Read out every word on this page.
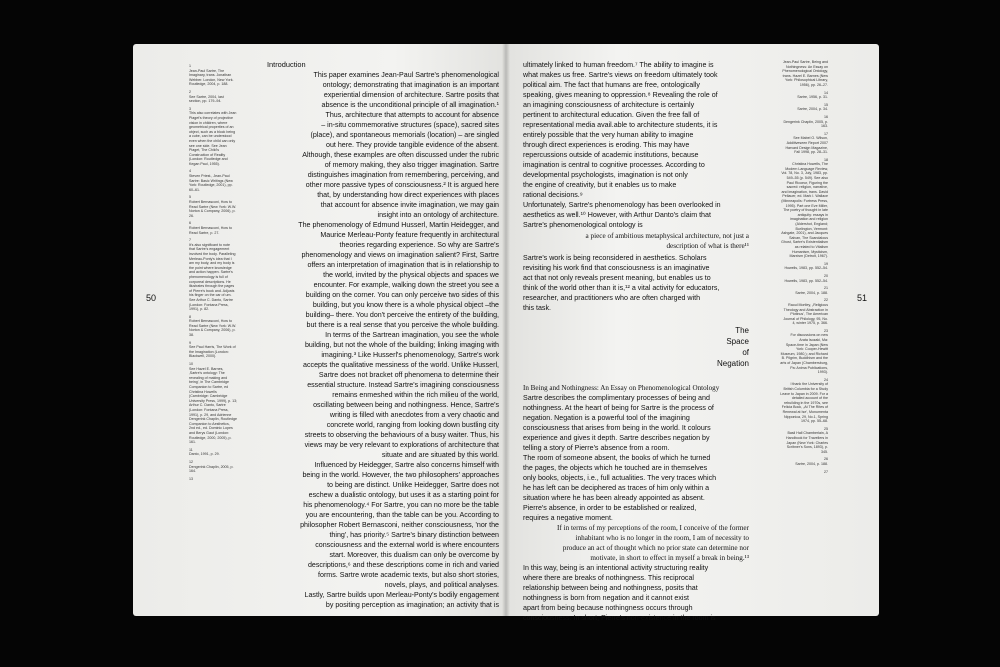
50

1
Jean-Paul Sartre, The
Imaginary, trans. Jonathan
Webber. London, New York.
Routledge, 2004, p. 188.

2
See Sartre, 2004, last
section, pp. 179–94.

3
This also correlates with Jean
Piaget's theory of projective
vision in children, where
geometrical properties of an
object, such as a block being
a cube, can be understood
even when the child can only
see one side. See Jean
Piaget, The Child's
Construction of Reality
(London: Routledge and
Kegan Paul, 1955).

4
Steven Priest., Jean-Paul
Sartre: Basic Writings (New
York: Routledge, 2001), pp.
60–61.

5
Robert Bernasconi, How to
Read Sartre (New York: W.W.
Norton & Company, 2006), p.
26.

6
Robert Bernasconi, How to
Read Sartre, p. 27.

7
It's also significant to note
that Sartre's engagement
involved the body. Paralleling
Merleau-Ponty's idea that I
am my body, and my body is
the point where knowledge
and action happen. Sartre's
phenomenology is full of
corporeal descriptions. He
illustrates through the pages
of Pierre's book and. Adjusts
his finger on the car of um.
See Arthur C. Danto, Sartre
(London: Fontana Press,
1991), p. 82.

8
Robert Bernasconi, How to
Read Sartre (New York: W.W.
Norton & Company, 2006), p.
38.

9
See Paul Harris, The Work of
the Imagination (London:
Blackwell, 2000).

10
See Hazel E. Barnes,
‚Sartre's ontology: The
revealing of making and
being', in The Cambridge
Companion to Sartre, ed
Christina Howells
(Cambridge: Cambridge
University Press, 1999), p. 13;
Arthur C. Danto, Sartre
(London: Fontana Press,
1991), p. 29, and Adrienne
Dengerink Chaplin, Routledge
Companion to Aesthetics,
2nd ed., ed. Dominic Lopes
and Berys Gaut (London:
Routledge, 2000, 2005), p.
161.

11
Danto, 1991, p. 29.

12
Dengerink Chaplin, 2005, p.
164.

13

Introduction

This paper examines Jean-Paul Sartre's phenomenological
ontology; demonstrating that imagination is an important
experiential dimension of architecture. Sartre posits that
absence is the unconditional principle of all imagination.¹
Thus, architecture that attempts to account for absence
– in-situ commemorative structures (space), sacred sites
(place), and spontaneous memorials (location) – are singled
out here. They provide tangible evidence of the absent.
Although, these examples are often discussed under the rubric
of memory making, they also trigger imagination. Sartre
distinguishes imagination from remembering, perceiving, and
other more passive types of consciousness.² It is argued here
that, by understanding how direct experiences with places
that account for absence invite imagination, we may gain
insight into an ontology of architecture.

The phenomenology of Edmund Husserl, Martin Heidegger, and
Maurice Merleau-Ponty feature frequently in architectural
theories regarding experience. So why are Sartre's
phenomenology and views on imagination salient? First, Sartre
offers an interpretation of imagination that is in relationship to
the world, invited by the physical objects and spaces we
encounter. For example, walking down the street you see a
building on the corner. You can only perceive two sides of this
building, but you know there is a whole physical object –the
building– there. You don't perceive the entirety of the building,
but there is a real sense that you perceive the whole building.
In terms of the Sartrean imagination, you see the whole
building, but not the whole of the building; linking imaging with
imagining.³ Like Husserl's phenomenology, Sartre's work
accepts the qualitative messiness of the world. Unlike Husserl,
Sartre does not bracket off phenomena to determine their
essential structure. Instead Sartre's imagining consciousness
remains enmeshed within the rich milieu of the world,
oscillating between being and nothingness. Hence, Sartre's
writing is filled with anecdotes from a very chaotic and
concrete world, ranging from looking down bustling city
streets to observing the behaviours of a busy waiter. Thus, his
views may be very relevant to explorations of architecture that
situate and are situated by this world.

Influenced by Heidegger, Sartre also concerns himself with
being in the world. However, the two philosophers' approaches
to being are distinct. Unlike Heidegger, Sartre does not
eschew a dualistic ontology, but uses it as a starting point for
his phenomenology.⁴ For Sartre, you can no more be the table
you are encountering, than the table can be you. According to
philosopher Robert Bernasconi, neither consciousness, 'nor the
thing', has priority.⁵ Sartre's binary distinction between
consciousness and the external world is where encounters
start. Moreover, this dualism can only be overcome by
descriptions,⁶ and these descriptions come in rich and varied
forms. Sartre wrote academic texts, but also short stories,
novels, plays, and political analyses.

Lastly, Sartre builds upon Merleau-Ponty's bodily engagement
by positing perception as imagination; an activity that is

51

ultimately linked to human freedom.⁷ The ability to imagine is
what makes us free. Sartre's views on freedom ultimately took
political aim. The fact that humans are free, ontologically
speaking, gives meaning to oppression.⁸ Revealing the role of
an imagining consciousness of architecture is certainly
pertinent to architectural education. Given the free fall of
representational media avail.able to architecture students, it is
entirely possible that the very human ability to imagine
through direct experiences is eroding. This may have
repercussions outside of academic institutions, because
imagination is central to cognitive processes. According to
developmental psychologists, imagination is not only
the engine of creativity, but it enables us to make
rational decisions.⁹

Unfortunately, Sartre's phenomenology has been overlooked in
aesthetics as well.¹⁰ However, with Arthur Danto's claim that
Sartre's phenomenological ontology is

a piece of ambitious metaphysical architecture, not just a
description of what is there¹¹

Sartre's work is being reconsidered in aesthetics. Scholars
revisiting his work find that consciousness is an imaginative
act that not only reveals present meaning, but enables us to
think of the world other than it is,¹² a vital activity for educators,
researcher, and practitioners who are often charged with
this task.

The
Space
of
Negation

In Being and Nothingness: An Essay on Phenomenological Ontology

Sartre describes the complimentary processes of being and
nothingness. At the heart of being for Sartre is the process of
negation. Negation is a powerful tool of the imagining
consciousness that arises from being in the world. It colours
experience and gives it depth. Sartre describes negation by
telling a story of Pierre's absence from a room.

The room of someone absent, the books of which he turned
the pages, the objects which he touched are in themselves
only books, objects, i.e., full actualities. The very traces which
he has left can be deciphered as traces of him only within a
situation where he has been already appointed as absent.
Pierre's absence, in order to be established or realized,
requires a negative moment.

If in terms of my perceptions of the room, I conceive of the former
inhabitant who is no longer in the room, I am of necessity to
produce an act of thought which no prior state can determine nor
motivate, in short to effect in myself a break in being.¹³

In this way, being is an intentional activity structuring reality
where there are breaks of nothingness. This reciprocal
relationship between being and nothingness, posits that
nothingness is born from negation and it cannot exist
apart from being because nothingness occurs through
consciousness. In short, Pierre's non-existence in the room is

Jean-Paul Sartre, Being and
Nothingness: An Essay on
Phenomenological Ontology,
trans. Hazel E. Barnes (New
York: Philosophical Library,
1956), pp. 26–27.

14
Sartre, 1956, p. 31.

15
Sartre, 2004, p. 34.

16
Dengerink Chaplin, 2005, p.
163.

17
See Mabel O. Wilson,
Additiveseen Report 2007
Harvard Design Magazine,
Fall 1998, pp. 28–31.

18
Christina Howells, The
Modern Language Review,
Vol. 78, No. 3, July, 1983, pp.
549–55 (p. 549). See also
Paul Ricoeur, Figuring the
sacred: religion, narrative,
and imagination, trans. David
Pellauer, ed. Mark I. Wallace
(Minneapolis: Fortress Press,
1995). Part one Eve Miller,
The poetry of thought in late
antiquity: essays in
imagination and religion
(Aldershot, England;
Burlington, Vermont:
Ashgate, 2001), and Jacques
Salvan, The Scandalous
Ghost, Sartre's Existentialism
as related to Vitalism
Humanism, Mysticism,
Marxism (Detroit, 1967).

19
Howells, 1983, pp. 552–54.

20
Howells, 1983, pp. 552–54.

21
Sartre, 2004, p. 188.

22
Raoul Mortley, „Religious
Theology and Abstraction in
Plotinus', The American
Journal of Philology, 95, No.
4, winter 1975, p. 366.

23
For discussions on new
Arata Isozaki, Ma:
Space-time in Japan (New
York: Cooper-Hewitt
Museum, 1980,); and Richard
B. Pilgrim, Buddhism and the
arts of Japan (Chambersburg,
Pa: Anima Publications,
1993).

24
I thank the University of
British Columbia for a Study
Leave to Japan in 2009. For a
detailed account of the
rebuilding in the 1970s, see
Felicia Bock, „At The Rites of
Renewal at Ise', Monumenta
Nipponica, 29, No.1, Spring
1974, pp. 55–68.

25
Basil Hall Chamberlain, A
Handbook for Travellers in
Japan (New York: Charles
Scribner's Sons, 1893), p.
345.

26
Sartre, 2004, p. 188.

27
